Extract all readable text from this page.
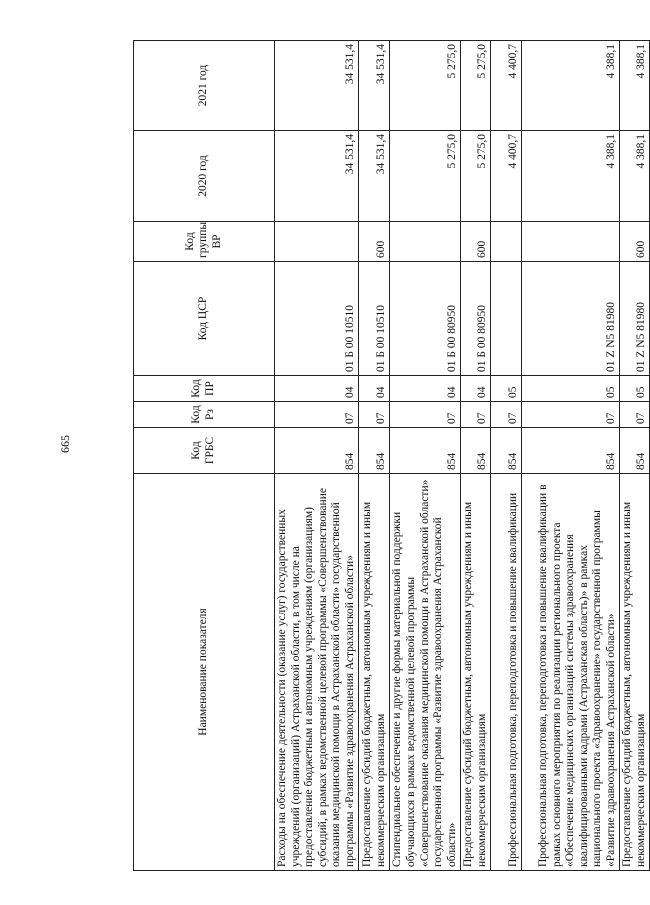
665
Наименование показателя	Код ГРБС	Код Рз	Код ПР	Код ЦСР	Код группы ВР	2020 год	2021 год
Расходы на обеспечение деятельности (оказание услуг) государственных учреждений (организаций) Астраханской области, в том числе на предоставление бюджетным и автономным учреждениям (организациям) субсидий, в рамках ведомственной целевой программы «Совершенствование оказания медицинской помощи в Астраханской области» государственной программы «Развитие здравоохранения Астраханской области»	854	07	04	01 Б 00 10510		34 531,4	34 531,4
Предоставление субсидий бюджетным, автономным учреждениям и иным некоммерческим организациям	854	07	04	01 Б 00 10510	600	34 531,4	34 531,4
Стипендиальное обеспечение и другие формы материальной поддержки обучающихся в рамках ведомственной целевой программы «Совершенствование оказания медицинской помощи в Астраханской области» государственной программы «Развитие здравоохранения Астраханской области»	854	07	04	01 Б 00 80950		5 275,0	5 275,0
Предоставление субсидий бюджетным, автономным учреждениям и иным некоммерческим организациям	854	07	04	01 Б 00 80950	600	5 275,0	5 275,0
Профессиональная подготовка, переподготовка и повышение квалификации	854	07	05			4 400,7	4 400,7
Профессиональная подготовка, переподготовка и повышение квалификации в рамках основного мероприятия по реализации регионального проекта «Обеспечение медицинских организаций системы здравоохранения квалифицированными кадрами (Астраханская область)» в рамках национального проекта «Здравоохранение» государственной программы «Развитие здравоохранения Астраханской области»	854	07	05	01 Z N5 81980		4 388,1	4 388,1
Предоставление субсидий бюджетным, автономным учреждениям и иным некоммерческим организациям	854	07	05	01 Z N5 81980	600	4 388,1	4 388,1
